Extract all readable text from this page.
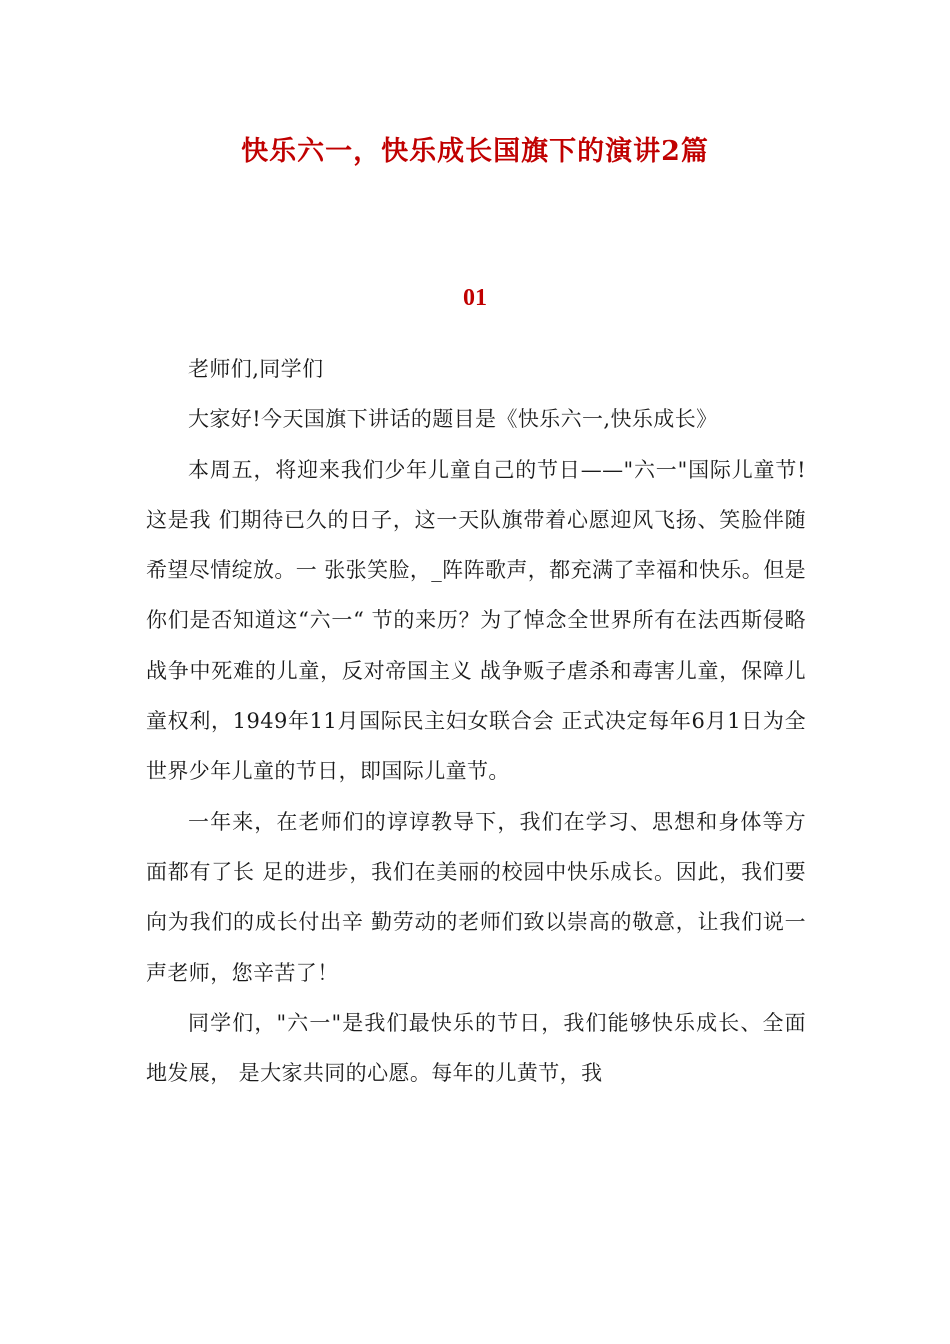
快乐六一，快乐成长国旗下的演讲2篇
01

老师们,同学们

大家好!今天国旗下讲话的题目是《快乐六一,快乐成长》

本周五，将迎来我们少年儿童自己的节日——"六一"国际儿童节!这是我 们期待已久的日子，这一天队旗带着心愿迎风飞扬、笑脸伴随希望尽情绽放。一 张张笑脸，_阵阵歌声，都充满了幸福和快乐。但是你们是否知道这“六一“ 节的来历？为了悼念全世界所有在法西斯侵略战争中死难的儿童，反对帝国主义 战争贩子虐杀和毒害儿童，保障儿童权利，1949年11月国际民主妇女联合会 正式决定每年6月1日为全世界少年儿童的节日，即国际儿童节。

一年来，在老师们的谆谆教导下，我们在学习、思想和身体等方面都有了长 足的进步，我们在美丽的校园中快乐成长。因此，我们要向为我们的成长付出辛 勤劳动的老师们致以崇高的敬意，让我们说一声老师，您辛苦了！

同学们，"六一"是我们最快乐的节日，我们能够快乐成长、全面地发展， 是大家共同的心愿。每年的儿黄节，我
